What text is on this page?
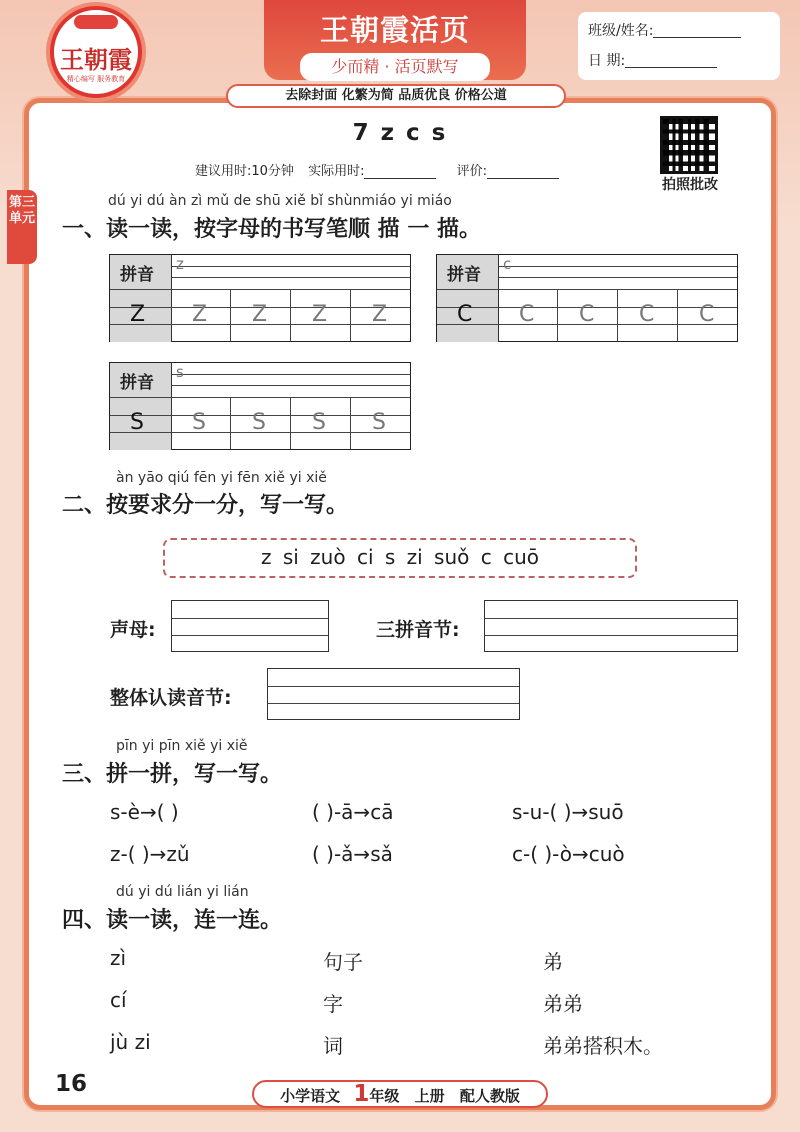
王朝霞
精心编写 服务教育
王朝霞活页
少而精 · 活页默写
去除封面 化繁为简 品质优良 价格公道
班级/姓名:
日 期:
第三单元
7 z c s
建议用时:10分钟 实际用时:	评价:
拍照批改
dú yi dú àn zì mǔ de shū xiě bǐ shùnmiáo yi miáo
一、读一读，按字母的书写笔顺 描 一 描。
拼音
z
Z Z Z Z Z
拼音
c
C C C C C
拼音
s
S S S S S
àn yāo qiú fēn yi fēn xiě yi xiě
二、按要求分一分，写一写。
z si zuò ci s zi suǒ c cuō
声母:	三拼音节:
整体认读音节:
pīn yi pīn xiě yi xiě
三、拼一拼，写一写。
s-è→( )	( )-ā→cā	s-u-( )→suō
z-( )→zǔ	( )-ǎ→sǎ	c-( )-ò→cuò
dú yi dú lián yi lián
四、读一读，连一连。
zì
cí
jù zi
句子
字
词
弟
弟弟
弟弟搭积木。
16	小学语文 1年级 上册 配人教版
